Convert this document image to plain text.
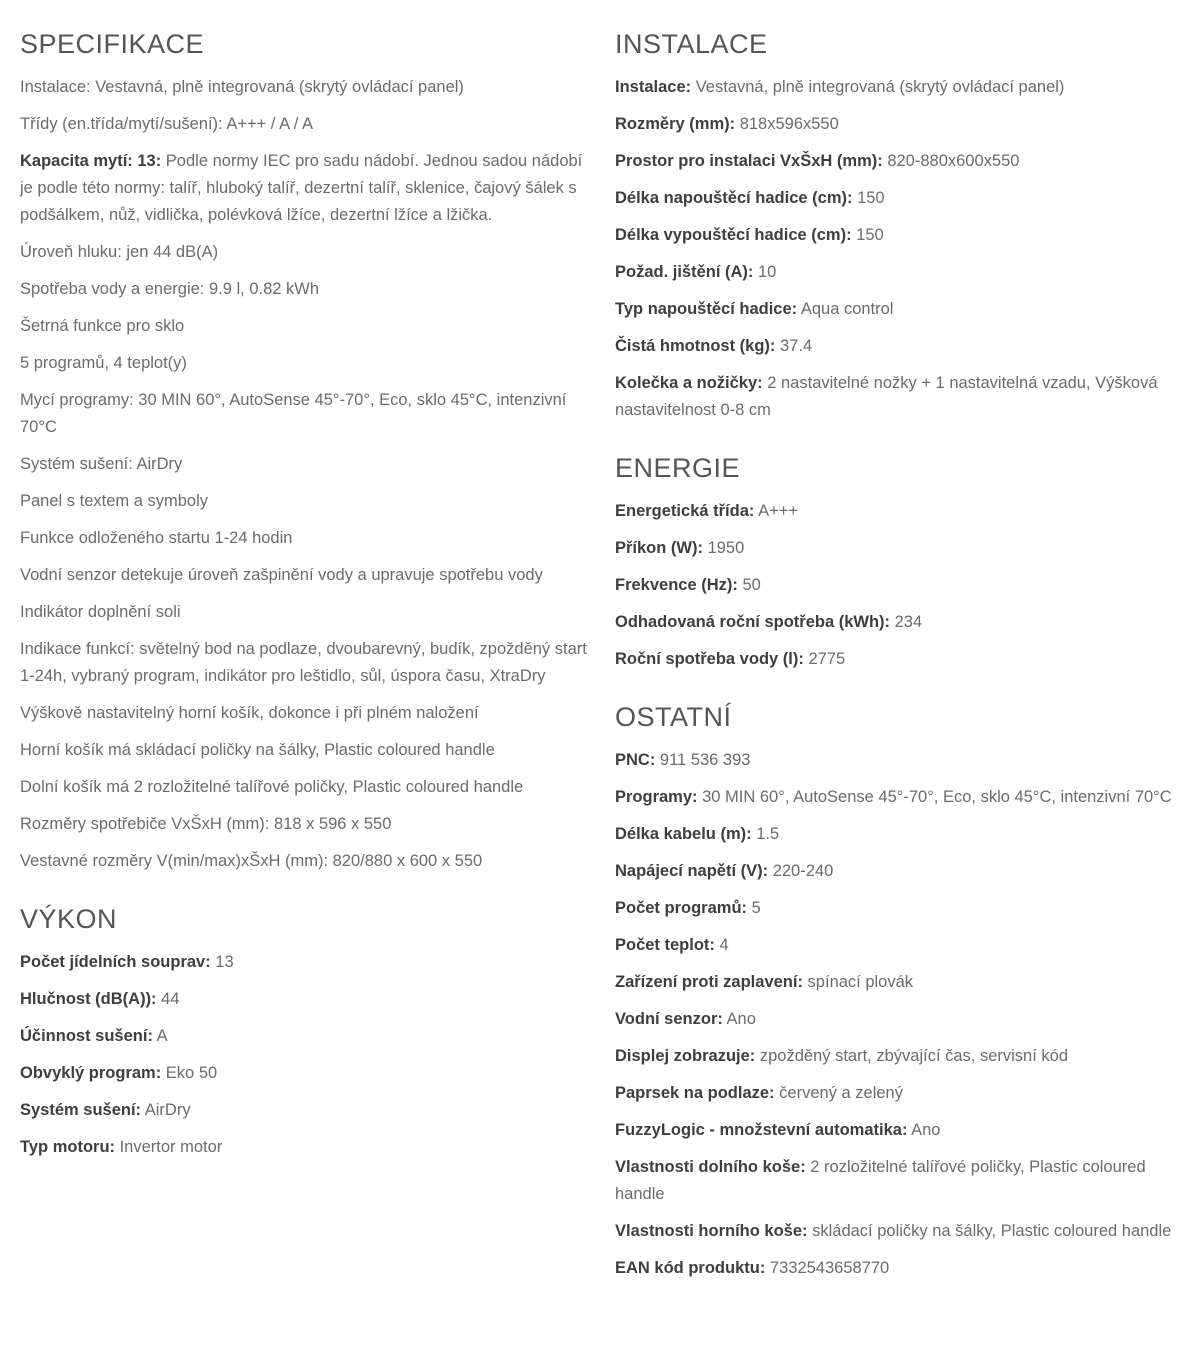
SPECIFIKACE

Instalace: Vestavná, plně integrovaná (skrytý ovládací panel)

Třídy (en.třída/mytí/sušení): A+++ / A / A

Kapacita mytí: 13: Podle normy IEC pro sadu nádobí. Jednou sadou nádobí je podle této normy: talíř, hluboký talíř, dezertní talíř, sklenice, čajový šálek s podšálkem, nůž, vidlička, polévková lžíce, dezertní lžíce a lžička.

Úroveň hluku: jen 44 dB(A)

Spotřeba vody a energie: 9.9 l, 0.82 kWh

Šetrná funkce pro sklo

5 programů, 4 teplot(y)

Mycí programy: 30 MIN 60°, AutoSense 45°-70°, Eco, sklo 45°C, intenzivní 70°C

Systém sušení: AirDry

Panel s textem a symboly

Funkce odloženého startu 1-24 hodin

Vodní senzor detekuje úroveň zašpinění vody a upravuje spotřebu vody

Indikátor doplnění soli

Indikace funkcí: světelný bod na podlaze, dvoubarevný, budík, zpožděný start 1-24h, vybraný program, indikátor pro leštidlo, sůl, úspora času, XtraDry

Výškově nastavitelný horní košík, dokonce i při plném naložení

Horní košík má skládací poličky na šálky, Plastic coloured handle

Dolní košík má 2 rozložitelné talířové poličky, Plastic coloured handle

Rozměry spotřebiče VxŠxH (mm): 818 x 596 x 550

Vestavné rozměry V(min/max)xŠxH (mm): 820/880 x 600 x 550

VÝKON

Počet jídelních souprav: 13

Hlučnost (dB(A)): 44

Účinnost sušení: A

Obvyklý program: Eko 50

Systém sušení: AirDry

Typ motoru: Invertor motor

INSTALACE

Instalace: Vestavná, plně integrovaná (skrytý ovládací panel)

Rozměry (mm): 818x596x550

Prostor pro instalaci VxŠxH (mm): 820-880x600x550

Délka napouštěcí hadice (cm): 150

Délka vypouštěcí hadice (cm): 150

Požad. jištění (A): 10

Typ napouštěcí hadice: Aqua control

Čistá hmotnost (kg): 37.4

Kolečka a nožičky: 2 nastavitelné nožky + 1 nastavitelná vzadu, Výšková nastavitelnost 0-8 cm

ENERGIE

Energetická třída: A+++

Příkon (W): 1950

Frekvence (Hz): 50

Odhadovaná roční spotřeba (kWh): 234

Roční spotřeba vody (l): 2775

OSTATNÍ

PNC: 911 536 393

Programy: 30 MIN 60°, AutoSense 45°-70°, Eco, sklo 45°C, intenzivní 70°C

Délka kabelu (m): 1.5

Napájecí napětí (V): 220-240

Počet programů: 5

Počet teplot: 4

Zařízení proti zaplavení: spínací plovák

Vodní senzor: Ano

Displej zobrazuje: zpožděný start, zbývající čas, servisní kód

Paprsek na podlaze: červený a zelený

FuzzyLogic - množstevní automatika: Ano

Vlastnosti dolního koše: 2 rozložitelné talířové poličky, Plastic coloured handle

Vlastnosti horního koše: skládací poličky na šálky, Plastic coloured handle

EAN kód produktu: 7332543658770
